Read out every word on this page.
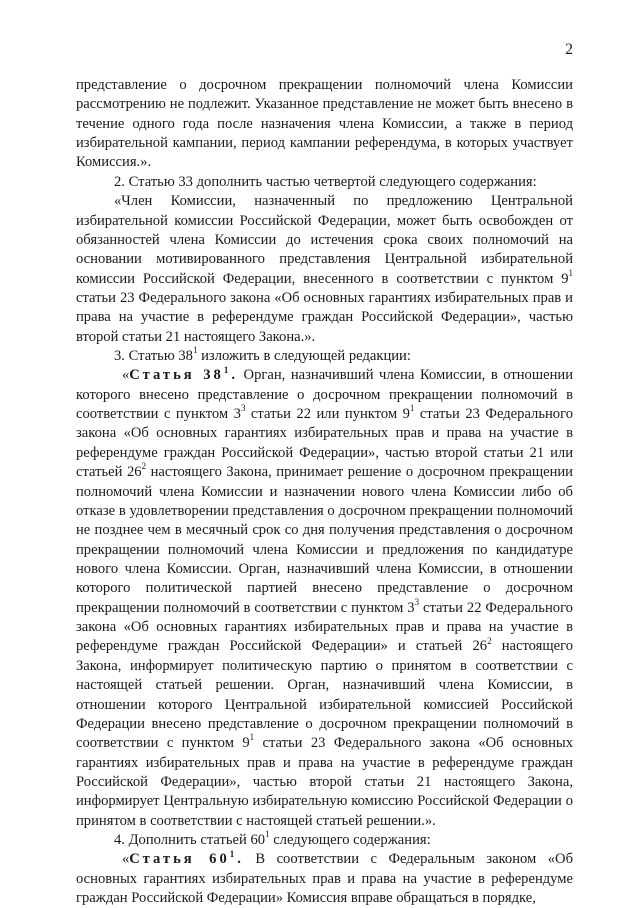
2

представление о досрочном прекращении полномочий члена Комиссии рассмотрению не подлежит. Указанное представление не может быть внесено в течение одного года после назначения члена Комиссии, а также в период избирательной кампании, период кампании референдума, в которых участвует Комиссия.».

2. Статью 33 дополнить частью четвертой следующего содержания:

«Член Комиссии, назначенный по предложению Центральной избирательной комиссии Российской Федерации, может быть освобожден от обязанностей члена Комиссии до истечения срока своих полномочий на основании мотивированного представления Центральной избирательной комиссии Российской Федерации, внесенного в соответствии с пунктом $9^1$ статьи 23 Федерального закона «Об основных гарантиях избирательных прав и права на участие в референдуме граждан Российской Федерации», частью второй статьи 21 настоящего Закона.».

3. Статью $38^1$ изложить в следующей редакции:

«Статья $38^1$. Орган, назначивший члена Комиссии, в отношении которого внесено представление о досрочном прекращении полномочий в соответствии с пунктом $3^3$ статьи 22 или пунктом $9^1$ статьи 23 Федерального закона «Об основных гарантиях избирательных прав и права на участие в референдуме граждан Российской Федерации», частью второй статьи 21 или статьей $26^2$ настоящего Закона, принимает решение о досрочном прекращении полномочий члена Комиссии и назначении нового члена Комиссии либо об отказе в удовлетворении представления о досрочном прекращении полномочий не позднее чем в месячный срок со дня получения представления о досрочном прекращении полномочий члена Комиссии и предложения по кандидатуре нового члена Комиссии. Орган, назначивший члена Комиссии, в отношении которого политической партией внесено представление о досрочном прекращении полномочий в соответствии с пунктом $3^3$ статьи 22 Федерального закона «Об основных гарантиях избирательных прав и права на участие в референдуме граждан Российской Федерации» и статьей $26^2$ настоящего Закона, информирует политическую партию о принятом в соответствии с настоящей статьей решении. Орган, назначивший члена Комиссии, в отношении которого Центральной избирательной комиссией Российской Федерации внесено представление о досрочном прекращении полномочий в соответствии с пунктом $9^1$ статьи 23 Федерального закона «Об основных гарантиях избирательных прав и права на участие в референдуме граждан Российской Федерации», частью второй статьи 21 настоящего Закона, информирует Центральную избирательную комиссию Российской Федерации о принятом в соответствии с настоящей статьей решении.».

4. Дополнить статьей $60^1$ следующего содержания:

«Статья $60^1$. В соответствии с Федеральным законом «Об основных гарантиях избирательных прав и права на участие в референдуме граждан Российской Федерации» Комиссия вправе обращаться в порядке,
